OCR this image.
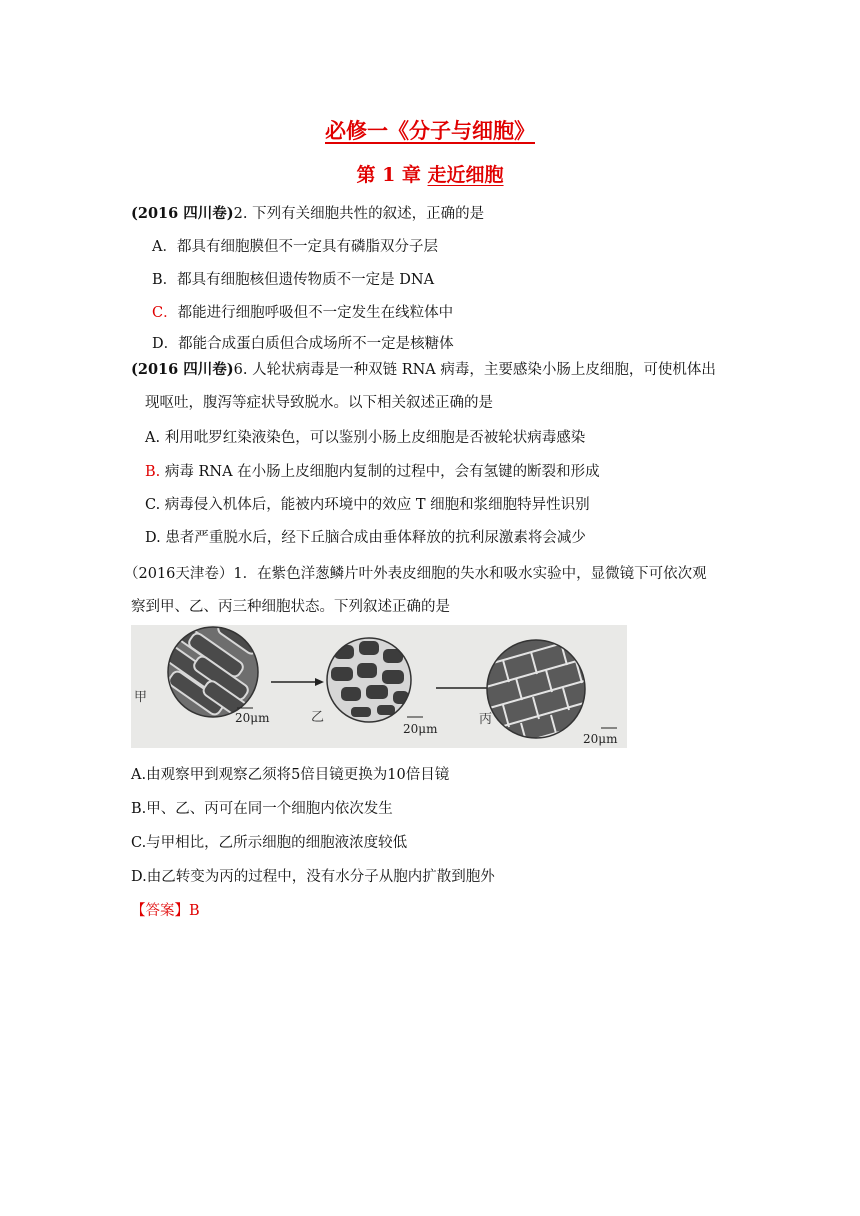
必修一《分子与细胞》
第 1 章 走近细胞
(2016 四川卷)2. 下列有关细胞共性的叙述，正确的是
A．都具有细胞膜但不一定具有磷脂双分子层
B．都具有细胞核但遗传物质不一定是 DNA
C．都能进行细胞呼吸但不一定发生在线粒体中
D．都能合成蛋白质但合成场所不一定是核糖体
(2016 四川卷)6. 人轮状病毒是一种双链 RNA 病毒，主要感染小肠上皮细胞，可使机体出
现呕吐，腹泻等症状导致脱水。以下相关叙述正确的是
A. 利用吡罗红染液染色，可以鉴别小肠上皮细胞是否被轮状病毒感染
B. 病毒 RNA 在小肠上皮细胞内复制的过程中，会有氢键的断裂和形成
C. 病毒侵入机体后，能被内环境中的效应 T 细胞和浆细胞特异性识别
D. 患者严重脱水后，经下丘脑合成由垂体释放的抗利尿激素将会减少
（2016天津卷）1．在紫色洋葱鳞片叶外表皮细胞的失水和吸水实验中，显微镜下可依次观
察到甲、乙、丙三种细胞状态。下列叙述正确的是
甲
20μm	乙
20μm
丙
20μm
A.由观察甲到观察乙须将5倍目镜更换为10倍目镜
B.甲、乙、丙可在同一个细胞内依次发生
C.与甲相比，乙所示细胞的细胞液浓度较低
D.由乙转变为丙的过程中，没有水分子从胞内扩散到胞外
【答案】B
